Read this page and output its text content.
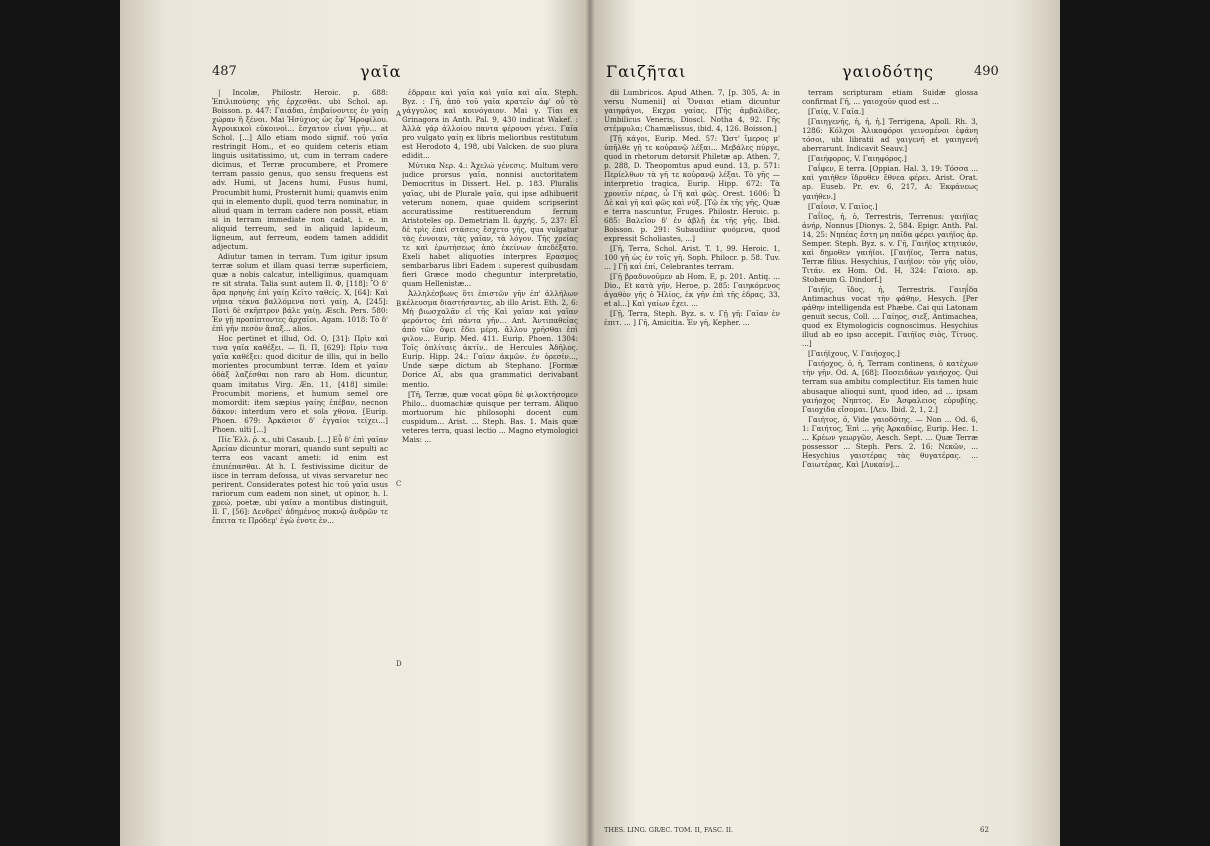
487	γαῖα

| Incolæ, Philostr. Heroic. p. 688: Ἐπιλιπούσης γῆς ἐρχεσθαι. ubi Schol. ap. Boisson. p. 447: Γαιάδαι, ἐπιβαίνοντες ἐν γαίῃ χώραν ἢ ξένοι. Mai Ἡσύχιος ὡς ἔφ' Ἡροφίλου. Ἀγροικικοὶ εὐκοινοὶ... ἔσχατον εἶναι γῆν... at Schol. [...] Allo etiam modo signif. τοῦ γαῖα restringit Hom., et eo quidem ceteris etiam linguis usitatissimo, ut, cum in terram cadere dicimus, et Terræ procumbere, et Promere terram passio genus, quo sensu frequens est adv. Humi, ut Jacens humi, Fusus humi, Procumbit humi, Prosternit humi; quamvis enim qui in elemento dupli, quod terra nominatur, in aliud quam in terram cadere non possit, etiam si in terram immediate non cadat, i. e. in aliquid terreum, sed in aliquid lapideum, ligneum, aut ferreum, eodem tamen addidit adjectum.

Adiutur tamen in terram. Tum igitur ipsum terræ solum et illam quasi terræ superficiem, quæ a nobis calcatur, intelligimus, quamquam re sit strata. Talia sunt autem Il. Φ, [118]: Ὃ δ' ἄρα πρηνὴς ἐπὶ γαίῃ Κεῖτο ταθείς. X, [64]: Καὶ νήπια τέκνα βαλλόμενα ποτὶ γαίῃ. A, [245]: Ποτὶ δὲ σκῆπτρον βάλε γαίῃ. Æsch. Pers. 580: Ἐν γῇ προπίπτοντες ἀρχαῖοι. Agam. 1018: Τὸ δ' ἐπὶ γῆν πεσὸν ἅπαξ... alios.

Hoc pertinet et illud, Od. O, [31]: Πρὶν καὶ τινα γαῖα καθέξει. — Il. Π, [629]: Πρὶν τινα γαῖα καθέξει: quod dicitur de illis, qui in bello morientes procumbunt terræ. Idem et γαῖαν ὀδὰξ λαζέσθαι non raro ab Hom. dicuntur, quam imitatus Virg. Æn. 11, [418] simile: Procumbit moriens, et humum semel ore momordit: item sæpius γαίης ἐπέβαν, necnon δάκον: interdum vero et sola χθονα. [Eurip. Phoen. 679: Ἀρκάσιοι δ' ἐγγαίοι τείχει...] Phoen. ulti [...]

Πίε Ἑλλ. ῥ. x., ubi Casaub. [...] Εὖ δ' ἐπὶ γαῖαν Ἀρείαν dicuntur morari, quando sunt sepulti ac terra eos vacant ameti: id enim est ἐπιπέπασθαι. At h. I. festivissime dicitur de iisce in terram defossa, ut vivas servaretur nec perirent. Considerates potest hic τοῦ γαῖα usus rariorum cum eadem non sinet, ut opinor, h. l. χρεώ, poetæ, ubi γαῖαν a montibus distinguit, Il. Γ, [56]: Δενδρεί' ἀδημένος πυκνῷ ἀνδρῶν τε ἔπειτα τε Πρόδεμ' ἐγὼ ἐνοτε ἐν...

A
B
C
D

ἐδρραιε καὶ γαῖα καὶ γαῖα καὶ αἶα. Steph. Byz. : Γῆ, ἀπὸ τοῦ γαῖα κρατεῖν ἀφ' οὗ τὸ γάγγυλος καὶ κοινόγαιον. Mai γ. Τίαι ex Grinagora in Anth. Pal. 9, 430 indicat Wakef. : Ἀλλὰ γάρ ἀλλοίου παντα φέρουσι γένει. Γαῖα pro vulgato γαίῃ ex libris melioribus restitutum est Herodoto 4, 198, ubi Valcken. de suo plura edidit...

Μύτικα Νερ. 4.: Ἀχελώ γένεσις. Multum vero judice prorsus γαῖα, nonnisi auctoritatem Democritus in Dissert. Hel. p. 183. Pluralis γαῖας, ubi de Plurale γαῖα, qui ipse adhibuerit veterum nonem, quae quidem scripserint accuratissime restituerendum ferrum Aristoteles op. Demetriam Il. ἀρχής. 5, 237: Εἶ δὲ τρὶς ἐπεὶ στάσεις ἔσχετο γῆς, qua vulgatur τὰς ἐννοιαν, τὰς γαῖαν, τὰ λόγον. Τῆς χρείας τε καὶ ἐρωτήσεως ἀπὸ ἐκείνων ἀπεδέξατο. Exeli habet aliquoties interpres Ερασμος sembarbarus libri Eadem : superest quibusdam fieri Græce modo cheguntur interpretatio, quam Hellenistæ...

Ἀλληλέσβωνς ὅτι ἐπιστῶν γῆν ἐπ' ἀλλήλων κέλευσμα διαστήσαντες, ab illo Arist. Eth. 2, 6: Μὴ βιωσχαλᾶν εἴ τῆς Καὶ γαῖαν καὶ γαῖαν φερόντος ἐπὶ πάντα γῆν... Ant. Ἀντιπαθείας ἀπὸ τῶν ὄψει ἔδει μέρη. ἄλλου χρῆσθαι ἐπὶ φιλον... Eurip. Med. 411. Eurip. Phoen. 1304: Τοῖς ὁπλίταις ἀκτῖν.. de Hercules Ἀδῆλος. Eurip. Hipp. 24.: Γαῖαν ἀκμῶν. ἐν ὀρεσίν..., Unde sæpe dictum ab Stephano. [Formæ Dorice Aἴ, abs qua grammatici derivabant mentio.

[Τῆ, Terræ, quæ vocat φῦμα δὲ φιλοκτήσομεν Philo... duomachiæ quisque per terram. Aliquo mortuorum hic philosophi docent cum cuspidum... Arist. ... Steph. Bas. 1. Mais quæ veteres terra, quasi lectio ... Magno etymologici Mais: ...

Γαιζῆται	γαιοδότης	490

dii Lumbricos. Apud Athen. 7, [p. 305, A: in versu Numenii] αἱ Ὄναιαι etiam dicuntur γαιηφάγοι, Εκχρα γαίας. [Τῆς ἀμβαλίδες, Umbilicus Veneris, Dioscl. Notha 4, 92. Γῆς στέμφυλα; Chamælissus, ibid. 4, 126. Boisson.]

[Τῇ κάγοι, Eurip. Med. 57: Ὥστ' ἵμερος μ' ὑπῆλθε γῇ τε κοὐρανῷ λέξαι... Μεβάλες πύργε, quod in rhetorum detorsit Philetæ ap. Athen. 7, p. 288, D. Theopomtus apud eund. 13, p. 571: Περίελθων τὰ γῆ τε κοὐρανῷ λέξαι. Τὸ γῆς — interpretio tragica, Eurip. Hipp. 672: Τὰ χρονεῖν πέρας, ὦ Γῆ καὶ φῶς. Orest. 1606: Ὦ Δὲ καὶ γῆ καὶ φῶς καὶ νύξ. [Τῷ ἐκ τῆς γῆς, Quæ e terra nascuntur, Fruges. Philostr. Heroic. p. 685: Βαλεῖον δ' ἐν ἀβλῇ ἐκ τῆς γῆς. Ibid. Boisson. p. 291: Subaudiiur φυόμενα, quod expressit Scholiastes, ...]

[Γῆ, Terra, Schol. Arist. T. 1, 99. Heroic. 1, 100 γῆ ὡς ἐν τοῖς γῆ. Soph. Philocr. p. 58. Tuv. ... ] Γῇ καὶ ἐπί, Celebrantes terram.

[Γῇ βραδυνοῦμεν ab Hom. E, p. 201. Antiq. ... Dio., Et κατὰ γῆν, Heroe, p. 285: Γαιηκόμενος ἀγαθὸν γῆς ὁ Ἡλίος, ἐκ γῆν ἐπὶ τῆς ἑδρας, 33, et al...] Καὶ γαίων ἔχει. ...

[Γῇ, Terra, Steph. Byz. s. v. Γῇ γῆ: Γαῖαν ἐν ἐπιτ. ... ] Γῆ, Amicitia. Ἐν γῆ, Kepher. ...

terram scripturam etiam Suidæ glossa confirmat Γῆ, ... γαιοχοῦν quod est ...

[Γαίᾳ, V. Γαῖα.]

[Γαιηγενής, ἡ, ἡ, ἡ.] Terrigena, Apoll. Rh. 3, 1286: Κόλχοι Ἀλικοφόροι γεινομένοι ἐφάνη τόσοι, ubi libratii ad γαιγενή et γαιηγενή aberrarunt. Indicavit Seauv.]

[Γαιήφορος, V. Γαιηφόρος.]

Γαΐφεν, E terra. [Oppian. Hal. 3, 19: Τόσσα ... καὶ γαιήθεν ἵδρυθεν ἔθνεα φέρει. Arist. Orat. ap. Euseb. Pr. ev. 6, 217, A: Ἐκφάνεως γαιήθεν.]

[Γαΐοισ, V. Γαιῖος.]

Γαΐϊος, ἡ, ὁ, Terrestris, Terrenus: γαιήϊας ἀνήρ, Nonnus [Dionys. 2, 584. Epigr. Anth. Pal. 14, 25: Νηπέας ἔστη μη παῖδα φέρει γαιήϊος ἀρ. Semper. Steph. Byz. s. v. Γῆ, Γαιήϊος κτητικόν, καὶ δημοθεν γαιήϊοι. [Γαιήϊος, Terra natus, Terræ filius. Hesychius, Γαιήϊον: τὸν γῆς υἱὸν, Τιτάν. ex Hom. Od. H, 324: Γαίοιο. ap. Stobæum G. Dindorf.]

Γαιήϊς, ἴδος, ἡ, Terrestris. Γαιηΐδα Antimachus vocat τὴν φάθην, Hesych. [Per φάθην intelligenda est Phæbe. Cai qui Latonam genuit secus, Coll. ... Γαίηος, σιεξ, Antimachea, quod ex Etymologicis cognoscimus. Hesychius illud ab eo ipso accepit. Γαιήϊος σιὸς, Τίτυος. ...]

[Γαιήϊχους, V. Γαιήοχος.]

Γαιήοχος, ὁ, ἡ, Terram continens, ὁ κατέχων τὴν γῆν. Od. A, [68]: Ποσειδάων γαιήοχος. Qui terram sua ambitu complectitur. Eis tamen huic abusaque alioqui sunt, quod ideo, ad ... ipsam γαιήοχος Νηπτος. Εν Ἀσφαλειος εὐρυβίης. Γαιοχίδα εἴσομαι. [Λευ. Ibid. 2, 1, 2.]

Γαιήτος, ὁ, Vide γαιοδότης. — Non ... Od. 6, 1: Γαιήτος, Ἐπὶ ... γῆς Ἀρκαδίας, Eurip. Hec. 1. ... Κρέων γεωργῶν, Aesch. Sept. ... Quæ Terræ possessor ... Steph. Pers. 2. 16: Νεκῶν, ... Hesychius γαιοτέρας τὰς θυγατέρας. ... Γαιωτέρας, Καὶ [Λυκαίν]...

THES. LING. GRÆC. TOM. II, FASC. II.	62
